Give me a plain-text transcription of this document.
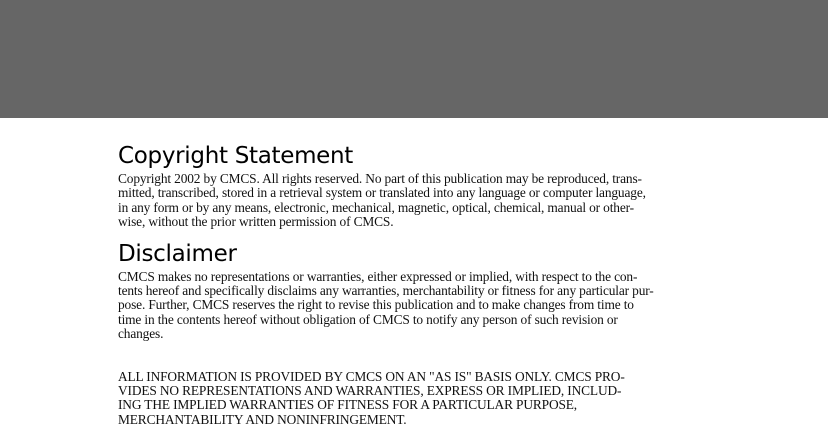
Copyright Statement
Copyright 2002 by CMCS. All rights reserved. No part of this publication may be reproduced, trans-
mitted, transcribed, stored in a retrieval system or translated into any language or computer language,
in any form or by any means, electronic, mechanical, magnetic, optical, chemical, manual or other-
wise, without the prior written permission of CMCS.
Disclaimer
CMCS makes no representations or warranties, either expressed or implied, with respect to the con-
tents hereof and specifically disclaims any warranties, merchantability or fitness for any particular pur-
pose. Further, CMCS reserves the right to revise this publication and to make changes from time to
time in the contents hereof without obligation of CMCS to notify any person of such revision or
changes.
ALL INFORMATION IS PROVIDED BY CMCS ON AN "AS IS" BASIS ONLY. CMCS PRO-
VIDES NO REPRESENTATIONS AND WARRANTIES, EXPRESS OR IMPLIED, INCLUD-
ING THE IMPLIED WARRANTIES OF FITNESS FOR A PARTICULAR PURPOSE,
MERCHANTABILITY AND NONINFRINGEMENT.
